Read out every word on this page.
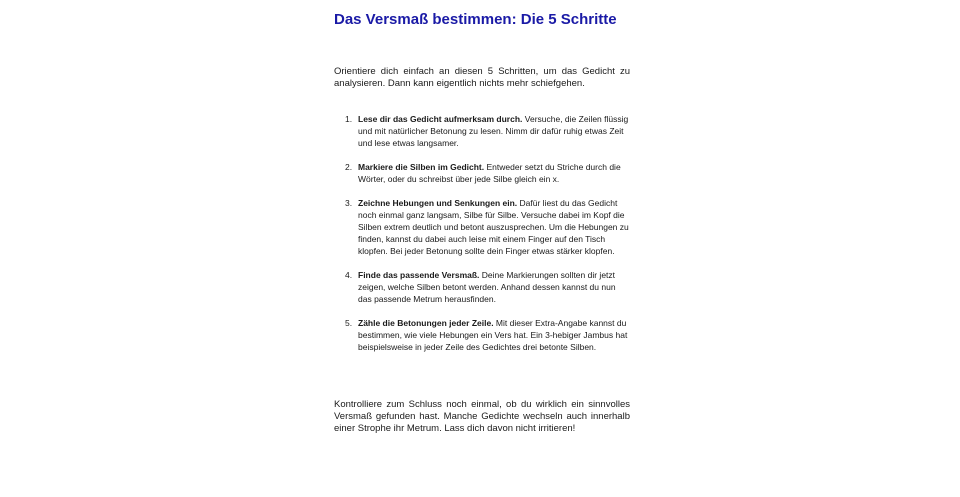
Das Versmaß bestimmen: Die 5 Schritte

Orientiere dich einfach an diesen 5 Schritten, um das Gedicht zu analysieren. Dann kann eigentlich nichts mehr schiefgehen.

1. Lese dir das Gedicht aufmerksam durch. Versuche, die Zeilen flüssig und mit natürlicher Betonung zu lesen. Nimm dir dafür ruhig etwas Zeit und lese etwas langsamer.
2. Markiere die Silben im Gedicht. Entweder setzt du Striche durch die Wörter, oder du schreibst über jede Silbe gleich ein x.
3. Zeichne Hebungen und Senkungen ein. Dafür liest du das Gedicht noch einmal ganz langsam, Silbe für Silbe. Versuche dabei im Kopf die Silben extrem deutlich und betont auszusprechen. Um die Hebungen zu finden, kannst du dabei auch leise mit einem Finger auf den Tisch klopfen. Bei jeder Betonung sollte dein Finger etwas stärker klopfen.
4. Finde das passende Versmaß. Deine Markierungen sollten dir jetzt zeigen, welche Silben betont werden. Anhand dessen kannst du nun das passende Metrum herausfinden.
5. Zähle die Betonungen jeder Zeile. Mit dieser Extra-Angabe kannst du bestimmen, wie viele Hebungen ein Vers hat. Ein 3-hebiger Jambus hat beispielsweise in jeder Zeile des Gedichtes drei betonte Silben.

Kontrolliere zum Schluss noch einmal, ob du wirklich ein sinnvolles Versmaß gefunden hast. Manche Gedichte wechseln auch innerhalb einer Strophe ihr Metrum. Lass dich davon nicht irritieren!
